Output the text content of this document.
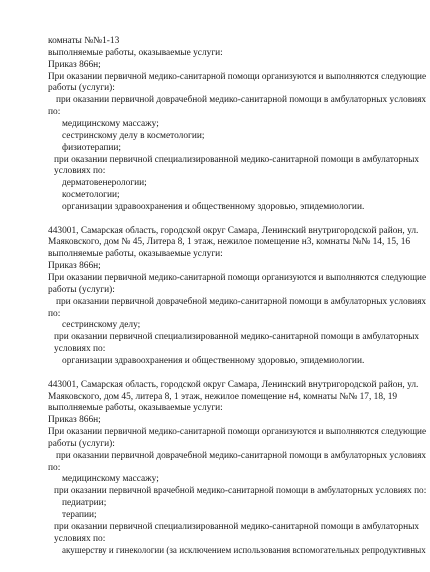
комнаты №№1-13
выполняемые работы, оказываемые услуги:
Приказ 866н;
При оказании первичной медико-санитарной помощи организуются и выполняются следующие
работы (услуги):
при оказании первичной доврачебной медико-санитарной помощи в амбулаторных условиях
по:
медицинскому массажу;
сестринскому делу в косметологии;
физиотерапии;
при оказании первичной специализированной медико-санитарной помощи в амбулаторных
условиях по:
дерматовенерологии;
косметологии;
организации здравоохранения и общественному здоровью, эпидемиологии.
443001, Самарская область, городской округ Самара, Ленинский внутригородской район, ул.
Маяковского, дом № 45, Литера 8, 1 этаж, нежилое помещение н3, комнаты №№ 14, 15, 16
выполняемые работы, оказываемые услуги:
Приказ 866н;
При оказании первичной медико-санитарной помощи организуются и выполняются следующие
работы (услуги):
при оказании первичной доврачебной медико-санитарной помощи в амбулаторных условиях
по:
сестринскому делу;
при оказании первичной специализированной медико-санитарной помощи в амбулаторных
условиях по:
организации здравоохранения и общественному здоровью, эпидемиологии.
443001, Самарская область, городской округ Самара, Ленинский внутригородской район, ул.
Маяковского, дом 45, литера 8, 1 этаж, нежилое помещение н4, комнаты №№ 17, 18, 19
выполняемые работы, оказываемые услуги:
Приказ 866н;
При оказании первичной медико-санитарной помощи организуются и выполняются следующие
работы (услуги):
при оказании первичной доврачебной медико-санитарной помощи в амбулаторных условиях
по:
медицинскому массажу;
при оказании первичной врачебной медико-санитарной помощи в амбулаторных условиях по:
педиатрии;
терапии;
при оказании первичной специализированной медико-санитарной помощи в амбулаторных
условиях по:
акушерству и гинекологии (за исключением использования вспомогательных репродуктивных
